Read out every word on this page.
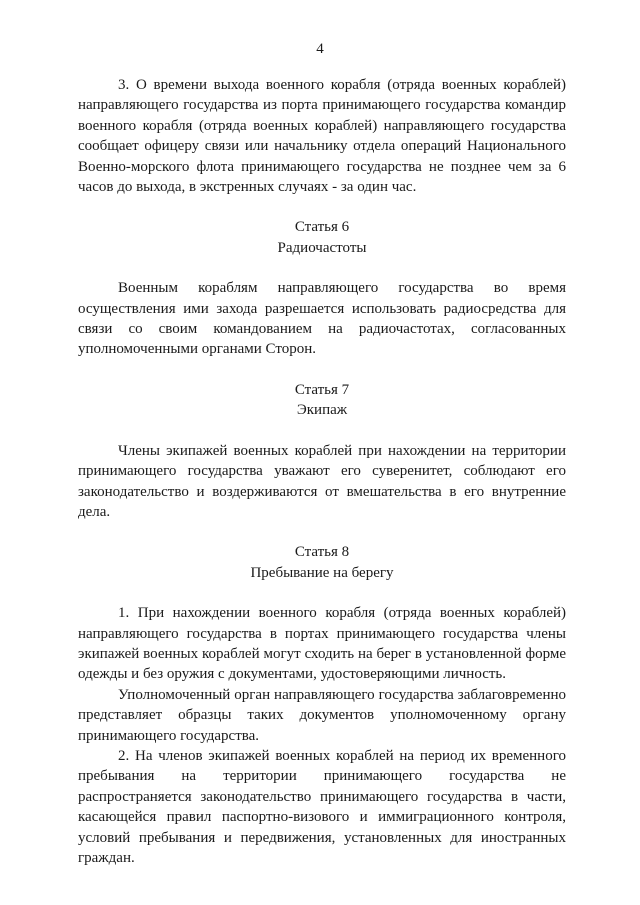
4

3. О времени выхода военного корабля (отряда военных кораблей) направляющего государства из порта принимающего государства командир военного корабля (отряда военных кораблей) направляющего государства сообщает офицеру связи или начальнику отдела операций Национального Военно-морского флота принимающего государства не позднее чем за 6 часов до выхода, в экстренных случаях - за один час.

Статья 6
Радиочастоты

Военным кораблям направляющего государства во время осуществления ими захода разрешается использовать радиосредства для связи со своим командованием на радиочастотах, согласованных уполномоченными органами Сторон.

Статья 7
Экипаж

Члены экипажей военных кораблей при нахождении на территории принимающего государства уважают его суверенитет, соблюдают его законодательство и воздерживаются от вмешательства в его внутренние дела.

Статья 8
Пребывание на берегу

1. При нахождении военного корабля (отряда военных кораблей) направляющего государства в портах принимающего государства члены экипажей военных кораблей могут сходить на берег в установленной форме одежды и без оружия с документами, удостоверяющими личность.

Уполномоченный орган направляющего государства заблаговременно представляет образцы таких документов уполномоченному органу принимающего государства.

2. На членов экипажей военных кораблей на период их временного пребывания на территории принимающего государства не распространяется законодательство принимающего государства в части, касающейся правил паспортно-визового и иммиграционного контроля, условий пребывания и передвижения, установленных для иностранных граждан.
